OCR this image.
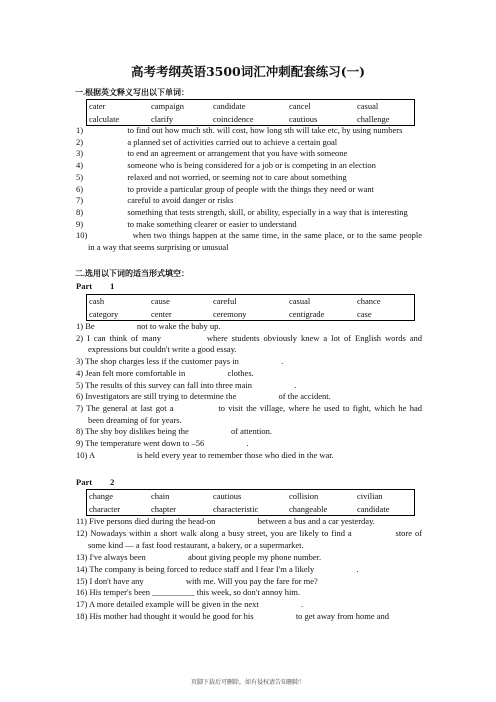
高考考纲英语3500词汇冲刺配套练习(一)
一.根据英文释义写出以下单词：
cater	campaign	candidate	cancel	casual
calculate	clarify	coincidence	cautious	challenge
1)	to find out how much sth. will cost, how long sth will take etc, by using numbers
2)	a planned set of activities carried out to achieve a certain goal
3)	to end an agreement or arrangement that you have with someone
4)	someone who is being considered for a job or is competing in an election
5)	relaxed and not worried, or seeming not to care about something
6)	to provide a particular group of people with the things they need or want
7)	careful to avoid danger or risks
8)	something that tests strength, skill, or ability, especially in a way that is interesting
9)	to make something clearer or easier to understand
10)	when two things happen at the same time, in the same place, or to the same people
in a way that seems surprising or unusual
二.选用以下词的适当形式填空：
Part 1
cash	cause	careful	casual	chance
category	center	ceremony	centigrade	case
1) Be	not to wake the baby up.
2) I can think of many	where students obviously knew a lot of English words and
expressions but couldn't write a good essay.
3) The shop charges less if the customer pays in	.
4) Jean felt more comfortable in	clothes.
5) The results of this survey can fall into three main	.
6) Investigators are still trying to determine the	of the accident.
7) The general at last got a	to visit the village, where he used to fight, which he had
been dreaming of for years.
8) The shy boy dislikes being the	of attention.
9) The temperature went down to –56	.
10) A	is held every year to remember those who died in the war.
Part 2
change	chain	cautious	collision	civilian
character	chapter	characteristic	changeable	candidate
11) Five persons died during the head-on	between a bus and a car yesterday.
12) Nowadays within a short walk along a busy street, you are likely to find a	store of
some kind — a fast food restaurant, a bakery, or a supermarket.
13) I've always been	about giving people my phone number.
14) The company is being forced to reduce staff and I fear I'm a likely	.
15) I don't have any	with me. Will you pay the fare for me?
16) His temper's been __________ this week, so don't annoy him.
17) A more detailed example will be given in the next	.
18) His mother had thought it would be good for his	to get away from home and
页脚下载后可删除，如有侵权请告知删除！
